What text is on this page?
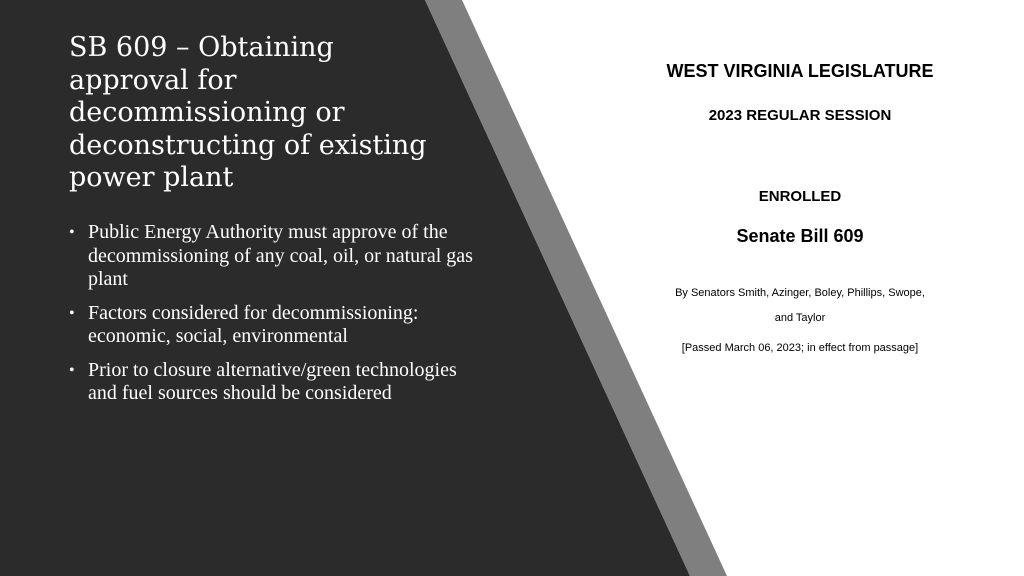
SB 609 – Obtaining approval for decommissioning or deconstructing of existing power plant
• Public Energy Authority must approve of the decommissioning of any coal, oil, or natural gas plant
• Factors considered for decommissioning: economic, social, environmental
• Prior to closure alternative/green technologies and fuel sources should be considered
WEST VIRGINIA LEGISLATURE
2023 REGULAR SESSION
ENROLLED
Senate Bill 609
By Senators Smith, Azinger, Boley, Phillips, Swope,
and Taylor
[Passed March 06, 2023; in effect from passage]
